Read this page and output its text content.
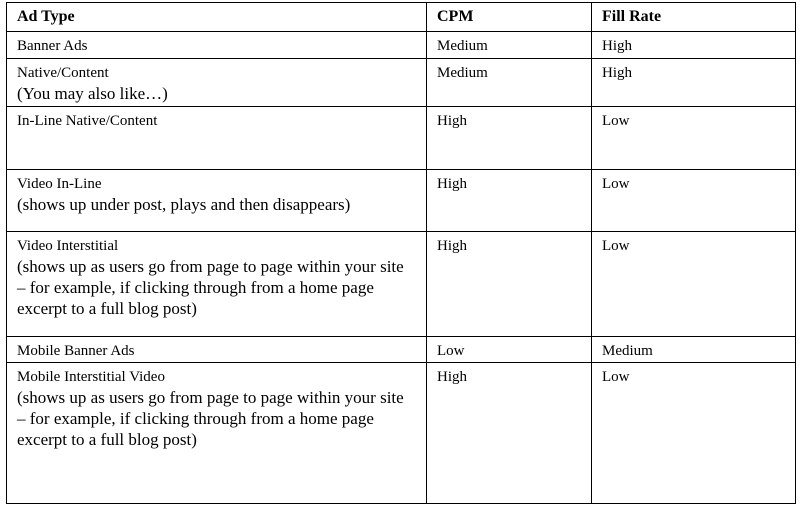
Ad Type	CPM	Fill Rate
Banner Ads	Medium	High
Native/Content
(You may also like…)	Medium	High
In-Line Native/Content	High	Low
Video In-Line
(shows up under post, plays and then disappears)	High	Low
Video Interstitial
(shows up as users go from page to page within your site – for example, if clicking through from a home page excerpt to a full blog post)	High	Low
Mobile Banner Ads	Low	Medium
Mobile Interstitial Video
(shows up as users go from page to page within your site – for example, if clicking through from a home page excerpt to a full blog post)	High	Low
